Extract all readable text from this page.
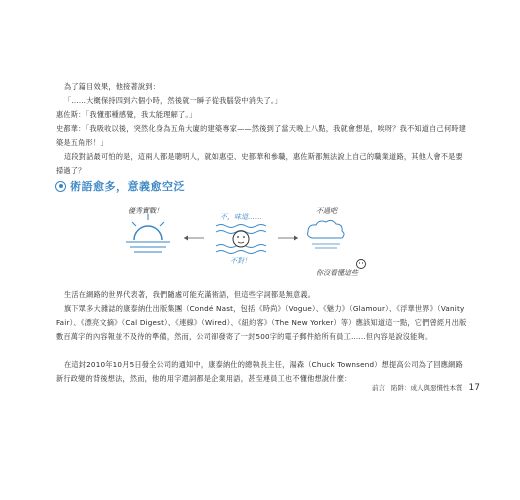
為了篇目效果，他接著說到：
「……大概保持四到六個小時，然後就一瞬子從我腦袋中消失了。」
惠佐斯：「我懂那種感覺，我太能理解了。」
史都華：「我吸收以後，突然化身為五角大廈的建築專家——然後到了當天晚上八點，我就會想是，唉呀？我不知道自己何時建築是五角形！」
這段對話最可怕的是，這兩人都是聰明人，就如惠亞、史都華和參職，惠佐斯都無法說上自己的職業道路，其他人會不是要掃過了？
術語愈多，意義愈空泛
優秀實戰！
不，味道……
不對！
不過吧
你沒看懂這些
生活在網路的世界代表著，我們隨處可能充滿術語，但這些字詞都是無意義。
旗下眾多大雜誌的康泰納仕出版集團（Condé Nast，包括《時尚》（Vogue）、《魅力》（Glamour）、《浮華世界》（Vanity Fair）、《漂亮文摘》（Cal Digest）、《連線》（Wired）、《紐約客》（The New Yorker）等）應該知道這一點，它們曾經月出版數百萬字的內容報並不及待的準備，然而，公司卻發寄了一封500字的電子郵件給所有員工……但內容是說沒能夠。
在這封2010年10月5日發全公司的通知中，康泰納仕的總執長主任，湯森（Chuck Townsend）想提高公司為了回應網路新行政變的背後想法，然而，他的用字還詞都是企業用語，甚至連員工也不懂他想說什麼：
前言 陷阱：成人與惡慣性本質 17
